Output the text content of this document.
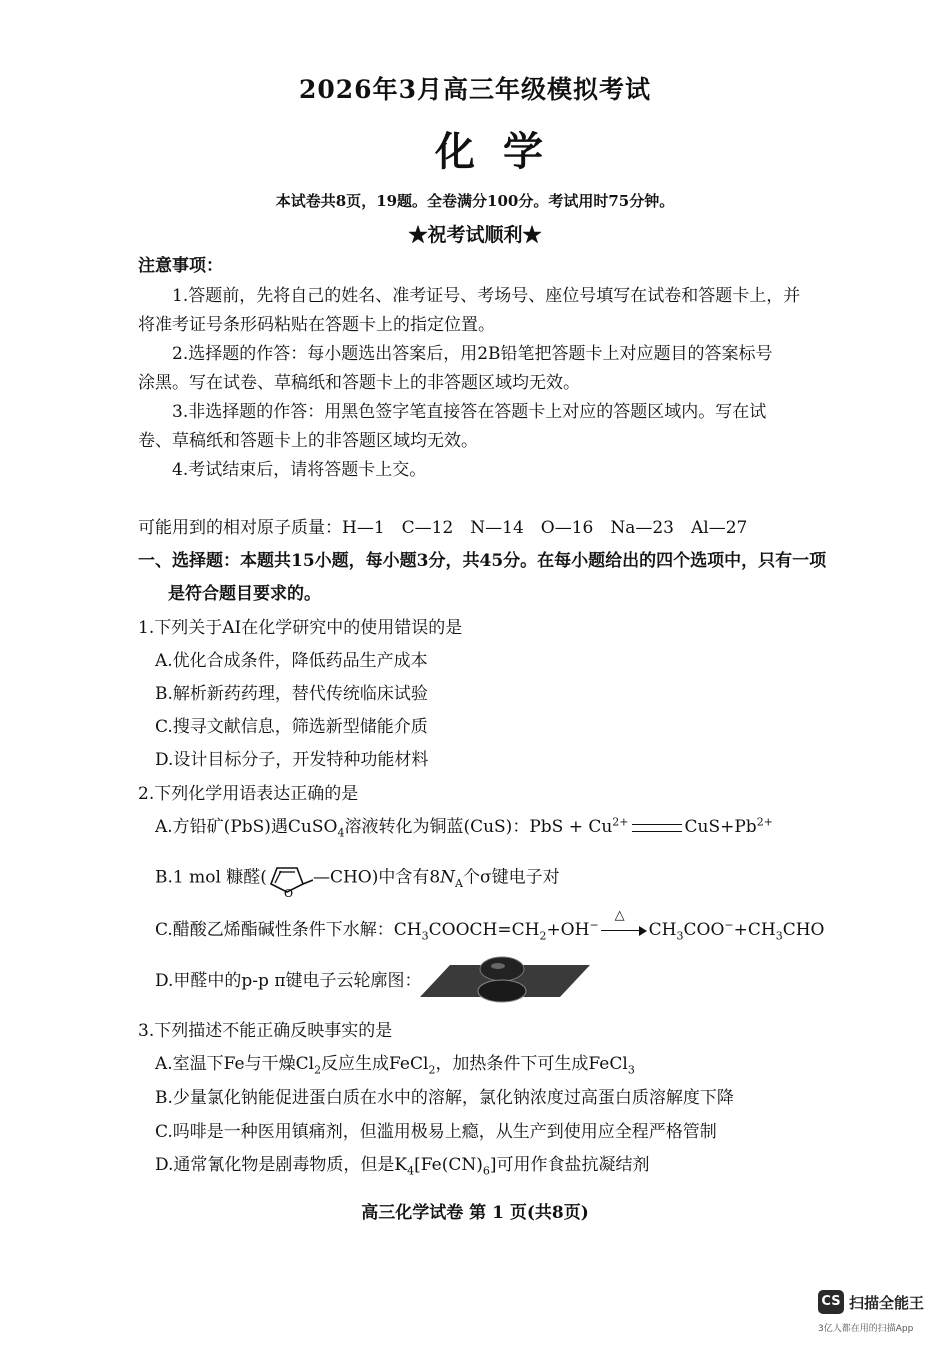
2026年3月高三年级模拟考试
化学
本试卷共8页，19题。全卷满分100分。考试用时75分钟。
★祝考试顺利★
注意事项：
1.答题前，先将自己的姓名、准考证号、考场号、座位号填写在试卷和答题卡上，并
将准考证号条形码粘贴在答题卡上的指定位置。
2.选择题的作答：每小题选出答案后，用2B铅笔把答题卡上对应题目的答案标号
涂黑。写在试卷、草稿纸和答题卡上的非答题区域均无效。
3.非选择题的作答：用黑色签字笔直接答在答题卡上对应的答题区域内。写在试
卷、草稿纸和答题卡上的非答题区域均无效。
4.考试结束后，请将答题卡上交。
可能用到的相对原子质量：H—1　C—12　N—14　O—16　Na—23　Al—27
一、选择题：本题共15小题，每小题3分，共45分。在每小题给出的四个选项中，只有一项
是符合题目要求的。
1.下列关于AI在化学研究中的使用错误的是
A.优化合成条件，降低药品生产成本
B.解析新药药理，替代传统临床试验
C.搜寻文献信息，筛选新型储能介质
D.设计目标分子，开发特种功能材料
2.下列化学用语表达正确的是
A.方铅矿(PbS)遇CuSO$_4$溶液转化为铜蓝(CuS)：PbS + $Cu^{2+}$	$CuS+Pb^{2+}$
B.1 mol 糠醛(
O
—CHO)中含有$8N_A$个σ键电子对
C.醋酸乙烯酯碱性条件下水解：$CH_3COOCH=CH_2+OH^-$
△
$CH_3COO^-+CH_3CHO$
D.甲醛中的p-p π键电子云轮廓图：
3.下列描述不能正确反映事实的是
A.室温下Fe与干燥$Cl_2$反应生成FeCl$_2$，加热条件下可生成FeCl$_3$
B.少量氯化钠能促进蛋白质在水中的溶解，氯化钠浓度过高蛋白质溶解度下降
C.吗啡是一种医用镇痛剂，但滥用极易上瘾，从生产到使用应全程严格管制
D.通常氰化物是剧毒物质，但是$K_4[Fe(CN)_6]$可用作食盐抗凝结剂
高三化学试卷 第 1 页(共8页)
CS 扫描全能王
3亿人都在用的扫描App
